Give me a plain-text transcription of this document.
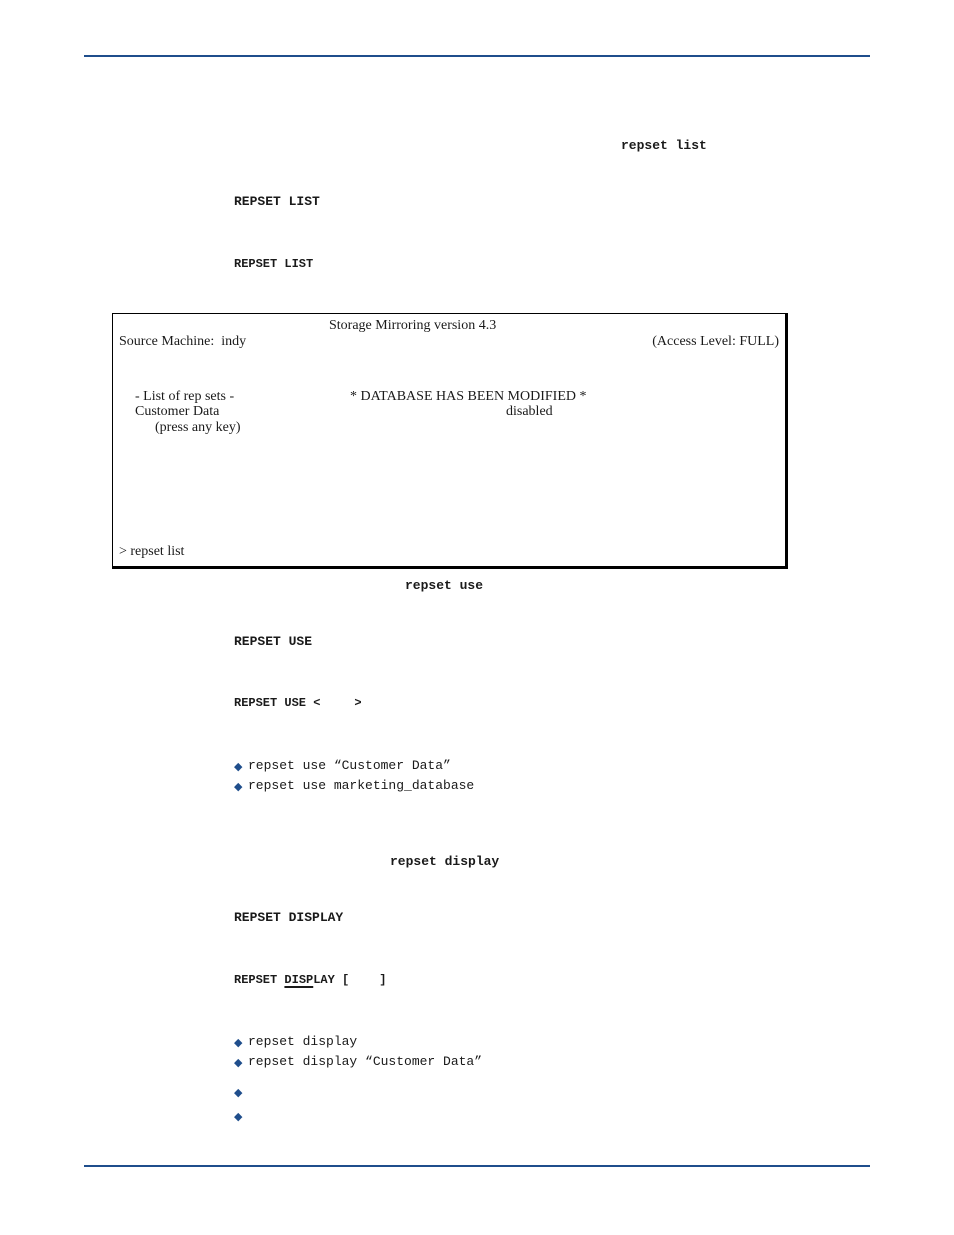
repset list
REPSET LIST
REPSET LIST
Storage Mirroring version 4.3
Source Machine:  indy	(Access Level: FULL)
- List of rep sets -	* DATABASE HAS BEEN MODIFIED *
Customer Data	disabled
(press any key)
> repset list
repset use
REPSET USE
REPSET USE <	>
◆ repset use “Customer Data”
◆ repset use marketing_database
repset display
REPSET DISPLAY
REPSET DISPLAY [	]
◆ repset display
◆ repset display “Customer Data”
◆
◆
